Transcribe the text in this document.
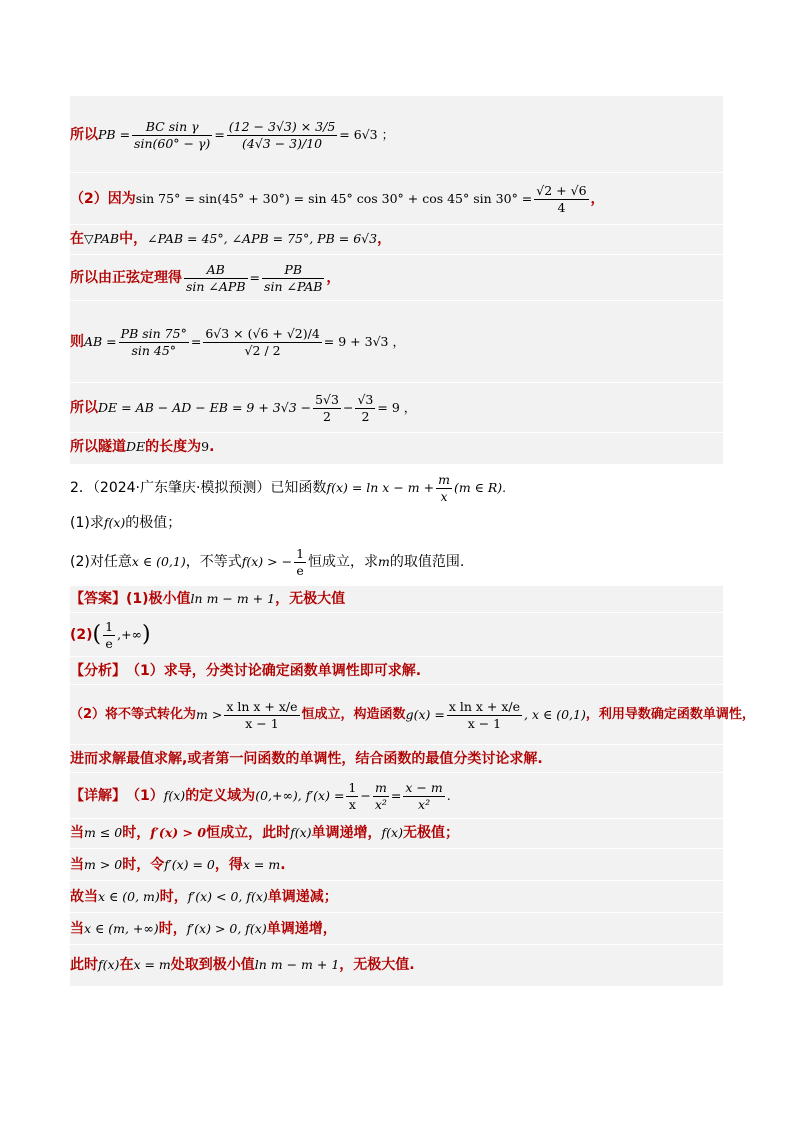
所以 PB = $\frac{\text{BC sin γ}}{\sin(60^\circ - \gamma)} = \frac{(12 - 3√3) \times 3/5}{(4√3 - 3)/10} = 6√3$ ；
（2）因为 sin 75° = sin(45° + 30°) = sin 45° cos 30° + cos 45° $\sin 30^\circ = \frac{√2 + √6}{4}$ ，
在 ▽PAB 中， ∠PAB = 45°, ∠APB = 75°, PB = 6√3 ，
所以由正弦定理得 $\frac{AB}{\text{sin ∠APB}} = \frac{PB}{\text{sin ∠PAB}}$ ，
则 AB = $\frac{\text{PB sin 75°}}{\sin 45^\circ} = \frac{6√3 \times (√6 + √2)/4}{√2 / 2} = 9 + 3√3$ ，
所以 DE = AB − AD − EB = $9 + 3√3 - \frac{5√3}{2} - \frac{√3}{2} = 9$ ，
所以隧道 DE 的长度为 9 .
2．（2024·广东肇庆·模拟预测）已知函数 $f(x) = \ln x - m + \frac{m}{x} (m$ ∈ R).
(1)求 f(x) 的极值；
(2)对任意 x ∈ (0,1) ，不等式 f(x) > − $\frac{1}{e}$ 恒成立，求 m 的取值范围.
【答案】 (1)极小值 ln m − m + 1 ，无极大值
(2) ( $\frac{1}{e}$ ,+∞ )
【分析】 （1）求导，分类讨论确定函数单调性即可求解.
（2）将不等式转化为 $m > \frac{\text{x ln x + x/e}}{x - 1}$ 恒成立，构造函数 $g(x) = \frac{\text{x ln x + x/e}}{x - 1}$ , x ∈ (0,1) ，利用导数确定函数单调性，
进而求解最值求解,或者第一问函数的单调性，结合函数的最值分类讨论求解.
【详解】 （1） f(x) 的定义域为 (0,+∞), $f'(x) = \frac{1}{x} - \frac{m}{\text{x²}} = \frac{x - m}{\text{x²}}$ .
当 m ≤ 0 时， f′(x) > 0 恒成立，此时 f(x) 单调递增， f(x) 无极值；
当 m > 0 时，令 f′(x) = 0 ，得 x = m .
故当 x ∈ (0, m) 时， f′(x) < 0, f(x) 单调递减；
当 x ∈ (m, +∞) 时， f′(x) > 0, f(x) 单调递增，
此时 f(x) 在 x = m 处取到极小值 ln m − m + 1 ，无极大值.
